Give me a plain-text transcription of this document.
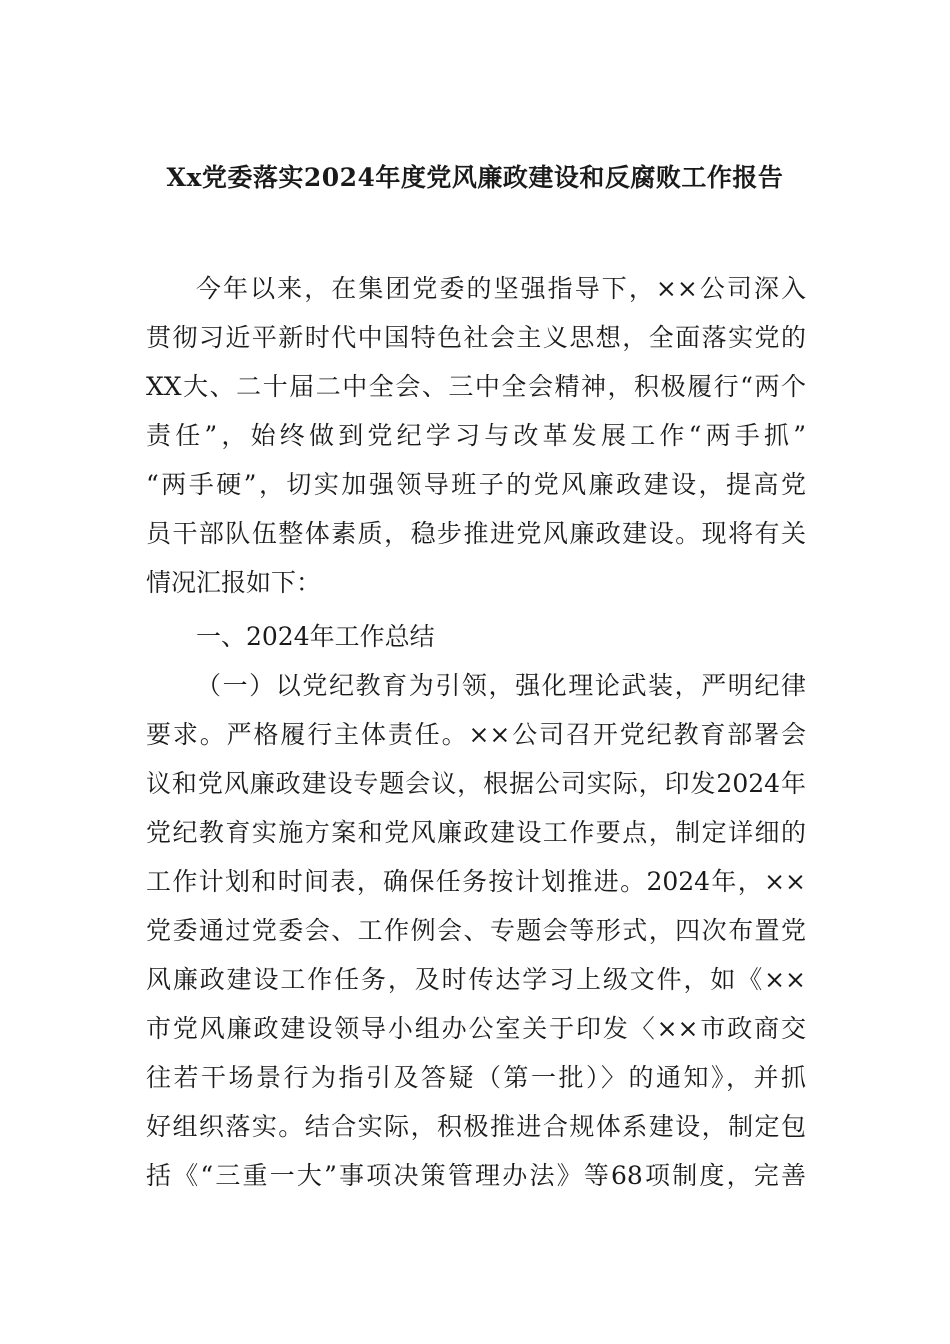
Xx党委落实2024年度党风廉政建设和反腐败工作报告

今年以来，在集团党委的坚强指导下，××公司深入

贯彻习近平新时代中国特色社会主义思想，全面落实党的

XX大、二十届二中全会、三中全会精神，积极履行“两个

责任”，始终做到党纪学习与改革发展工作“两手抓”

“两手硬”，切实加强领导班子的党风廉政建设，提高党

员干部队伍整体素质，稳步推进党风廉政建设。现将有关

情况汇报如下：

一、2024年工作总结

（一）以党纪教育为引领，强化理论武装，严明纪律

要求。严格履行主体责任。××公司召开党纪教育部署会

议和党风廉政建设专题会议，根据公司实际，印发2024年

党纪教育实施方案和党风廉政建设工作要点，制定详细的

工作计划和时间表，确保任务按计划推进。2024年，××

党委通过党委会、工作例会、专题会等形式，四次布置党

风廉政建设工作任务，及时传达学习上级文件，如《××

市党风廉政建设领导小组办公室关于印发〈××市政商交

往若干场景行为指引及答疑（第一批）〉的通知》，并抓

好组织落实。结合实际，积极推进合规体系建设，制定包

括《“三重一大”事项决策管理办法》等68项制度，完善
